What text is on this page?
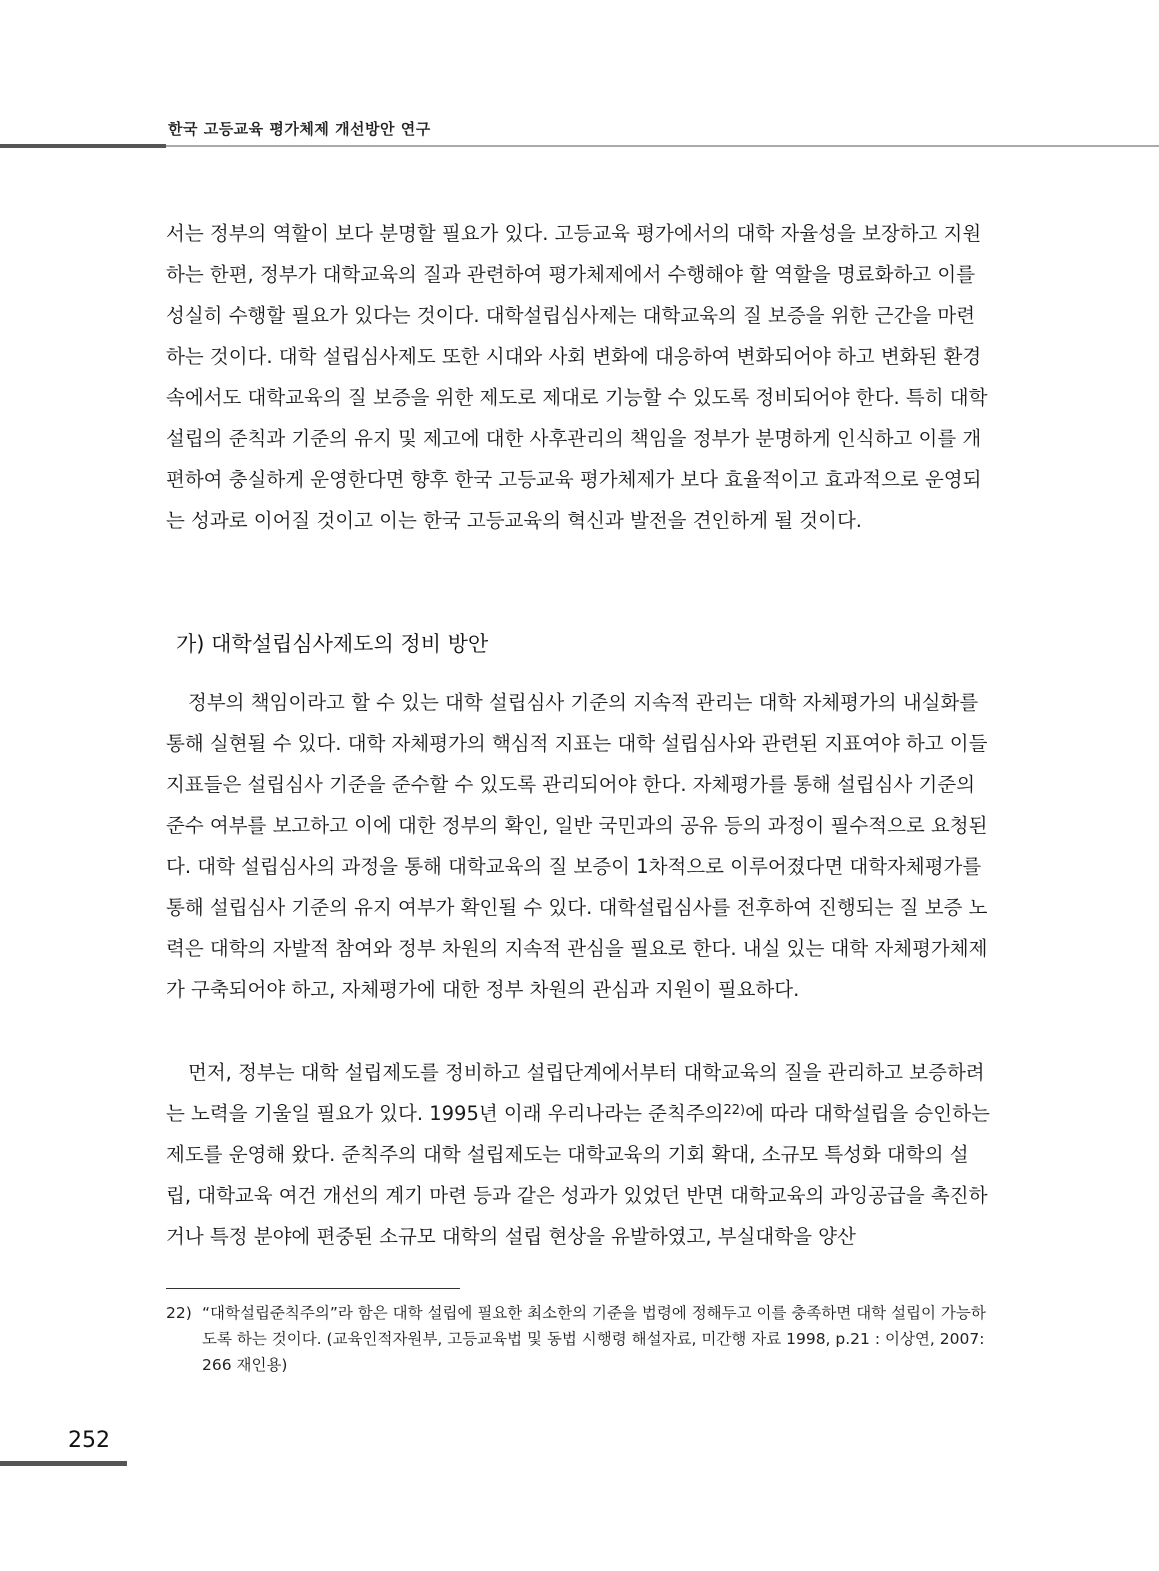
한국 고등교육 평가체제 개선방안 연구

서는 정부의 역할이 보다 분명할 필요가 있다. 고등교육 평가에서의 대학 자율성을 보장하고 지원하는 한편, 정부가 대학교육의 질과 관련하여 평가체제에서 수행해야 할 역할을 명료화하고 이를 성실히 수행할 필요가 있다는 것이다. 대학설립심사제는 대학교육의 질 보증을 위한 근간을 마련하는 것이다. 대학 설립심사제도 또한 시대와 사회 변화에 대응하여 변화되어야 하고 변화된 환경 속에서도 대학교육의 질 보증을 위한 제도로 제대로 기능할 수 있도록 정비되어야 한다. 특히 대학설립의 준칙과 기준의 유지 및 제고에 대한 사후관리의 책임을 정부가 분명하게 인식하고 이를 개편하여 충실하게 운영한다면 향후 한국 고등교육 평가체제가 보다 효율적이고 효과적으로 운영되는 성과로 이어질 것이고 이는 한국 고등교육의 혁신과 발전을 견인하게 될 것이다.

가) 대학설립심사제도의 정비 방안

정부의 책임이라고 할 수 있는 대학 설립심사 기준의 지속적 관리는 대학 자체평가의 내실화를 통해 실현될 수 있다. 대학 자체평가의 핵심적 지표는 대학 설립심사와 관련된 지표여야 하고 이들 지표들은 설립심사 기준을 준수할 수 있도록 관리되어야 한다. 자체평가를 통해 설립심사 기준의 준수 여부를 보고하고 이에 대한 정부의 확인, 일반 국민과의 공유 등의 과정이 필수적으로 요청된다. 대학 설립심사의 과정을 통해 대학교육의 질 보증이 1차적으로 이루어졌다면 대학자체평가를 통해 설립심사 기준의 유지 여부가 확인될 수 있다. 대학설립심사를 전후하여 진행되는 질 보증 노력은 대학의 자발적 참여와 정부 차원의 지속적 관심을 필요로 한다. 내실 있는 대학 자체평가체제가 구축되어야 하고, 자체평가에 대한 정부 차원의 관심과 지원이 필요하다.

먼저, 정부는 대학 설립제도를 정비하고 설립단계에서부터 대학교육의 질을 관리하고 보증하려는 노력을 기울일 필요가 있다. 1995년 이래 우리나라는 준칙주의$^{22)}$에 따라 대학설립을 승인하는 제도를 운영해 왔다. 준칙주의 대학 설립제도는 대학교육의 기회 확대, 소규모 특성화 대학의 설립, 대학교육 여건 개선의 계기 마련 등과 같은 성과가 있었던 반면 대학교육의 과잉공급을 촉진하거나 특정 분야에 편중된 소규모 대학의 설립 현상을 유발하였고, 부실대학을 양산

22) “대학설립준칙주의”라 함은 대학 설립에 필요한 최소한의 기준을 법령에 정해두고 이를 충족하면 대학 설립이 가능하도록 하는 것이다. (교육인적자원부, 고등교육법 및 동법 시행령 해설자료, 미간행 자료 1998, p.21 : 이상연, 2007: 266 재인용)

252
